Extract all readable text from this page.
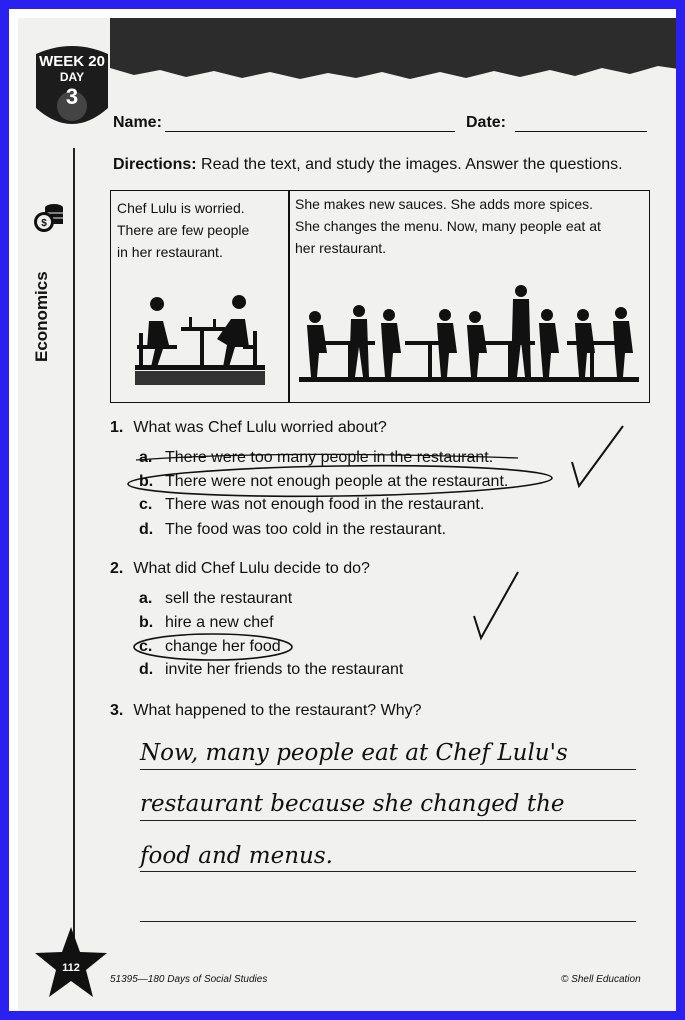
WEEK 20
DAY
3
$
Economics
Name:	Date:
Directions: Read the text, and study the images. Answer the questions.
Chef Lulu is worried.
There are few people
in her restaurant.
She makes new sauces. She adds more spices.
She changes the menu. Now, many people eat at
her restaurant.
1. What was Chef Lulu worried about?
a. There were too many people in the restaurant.
b. There were not enough people at the restaurant.
c. There was not enough food in the restaurant.
d. The food was too cold in the restaurant.
2. What did Chef Lulu decide to do?
a. sell the restaurant
b. hire a new chef
c. change her food
d. invite her friends to the restaurant
3. What happened to the restaurant? Why?
Now, many people eat at Chef Lulu's
restaurant because she changed the
food and menus.
112
51395—180 Days of Social Studies	© Shell Education
